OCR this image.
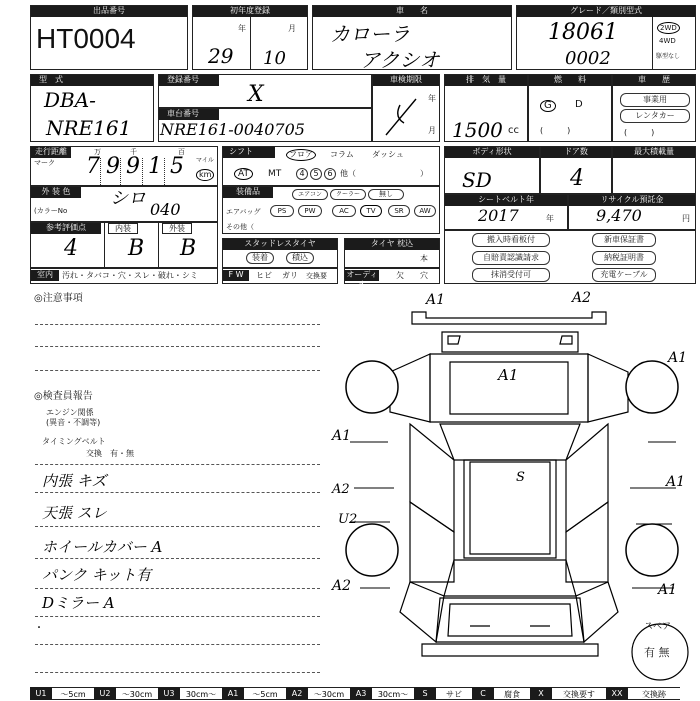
出品番号
HT0004
初年度登録
年	月
29 10
車　　名
カローラ
アクシオ
グレード／類別型式
18061
0002
2WD
4WD
駆型なし
型　式
DBA-
NRE161
登録番号
X
車検期限
年
月
車台番号
NRE161-0040705
排　気　量
1500 cc
燃　　料
G	D
(　　　)
車　　歴
事業用
レンタカー
(　　　)
走行距離
マーク
万	千	百
7 9 9 1 5 マイル
km
シフト	フロア	コラム ダッシュ
AT	MT	4	5	6 他（　　　　　　　　）
ボディ形状
SD
ドア数
4
最大積載量
外 装 色	シロ
(カラーNo	040
装備品	エアコン	クーラー	無し
エアバッグ	PS	PW	AC	SR	AW
TV
その他（
シートベルト年
2017	年
リサイクル預託金
9,470	円
参考評価点
4
内装
B
外装
B	スタッドレスタイヤ
装着	積込
タイヤ 枕込
本
搬入時看板付	新車保証書
自賠責認識請求	納税証明書
抹消受付可	充電ケーブル
室内	汚れ・タバコ・穴・スレ・破れ・シミ	F W	ヒビ ガリ 交換要 オーディオ
欠 穴
◎注意事項
◎検査員報告
エンジン関係
(異音・不調等)
タイミングベルト
交換　有・無
内張 キズ
天張 スレ
ホイールカバー A
パンク キット有
Dミラー A
・
A1	A2
A1
A1
S
A1
A1
A2
U2
A2	A1
スペア
有 無
U1	〜5cm	U2	〜30cm	U3	30cm〜	A1	〜5cm	A2	〜30cm	A3	30cm〜	S	サビ	C	腐食	X	交換要す	XX	交換跡
